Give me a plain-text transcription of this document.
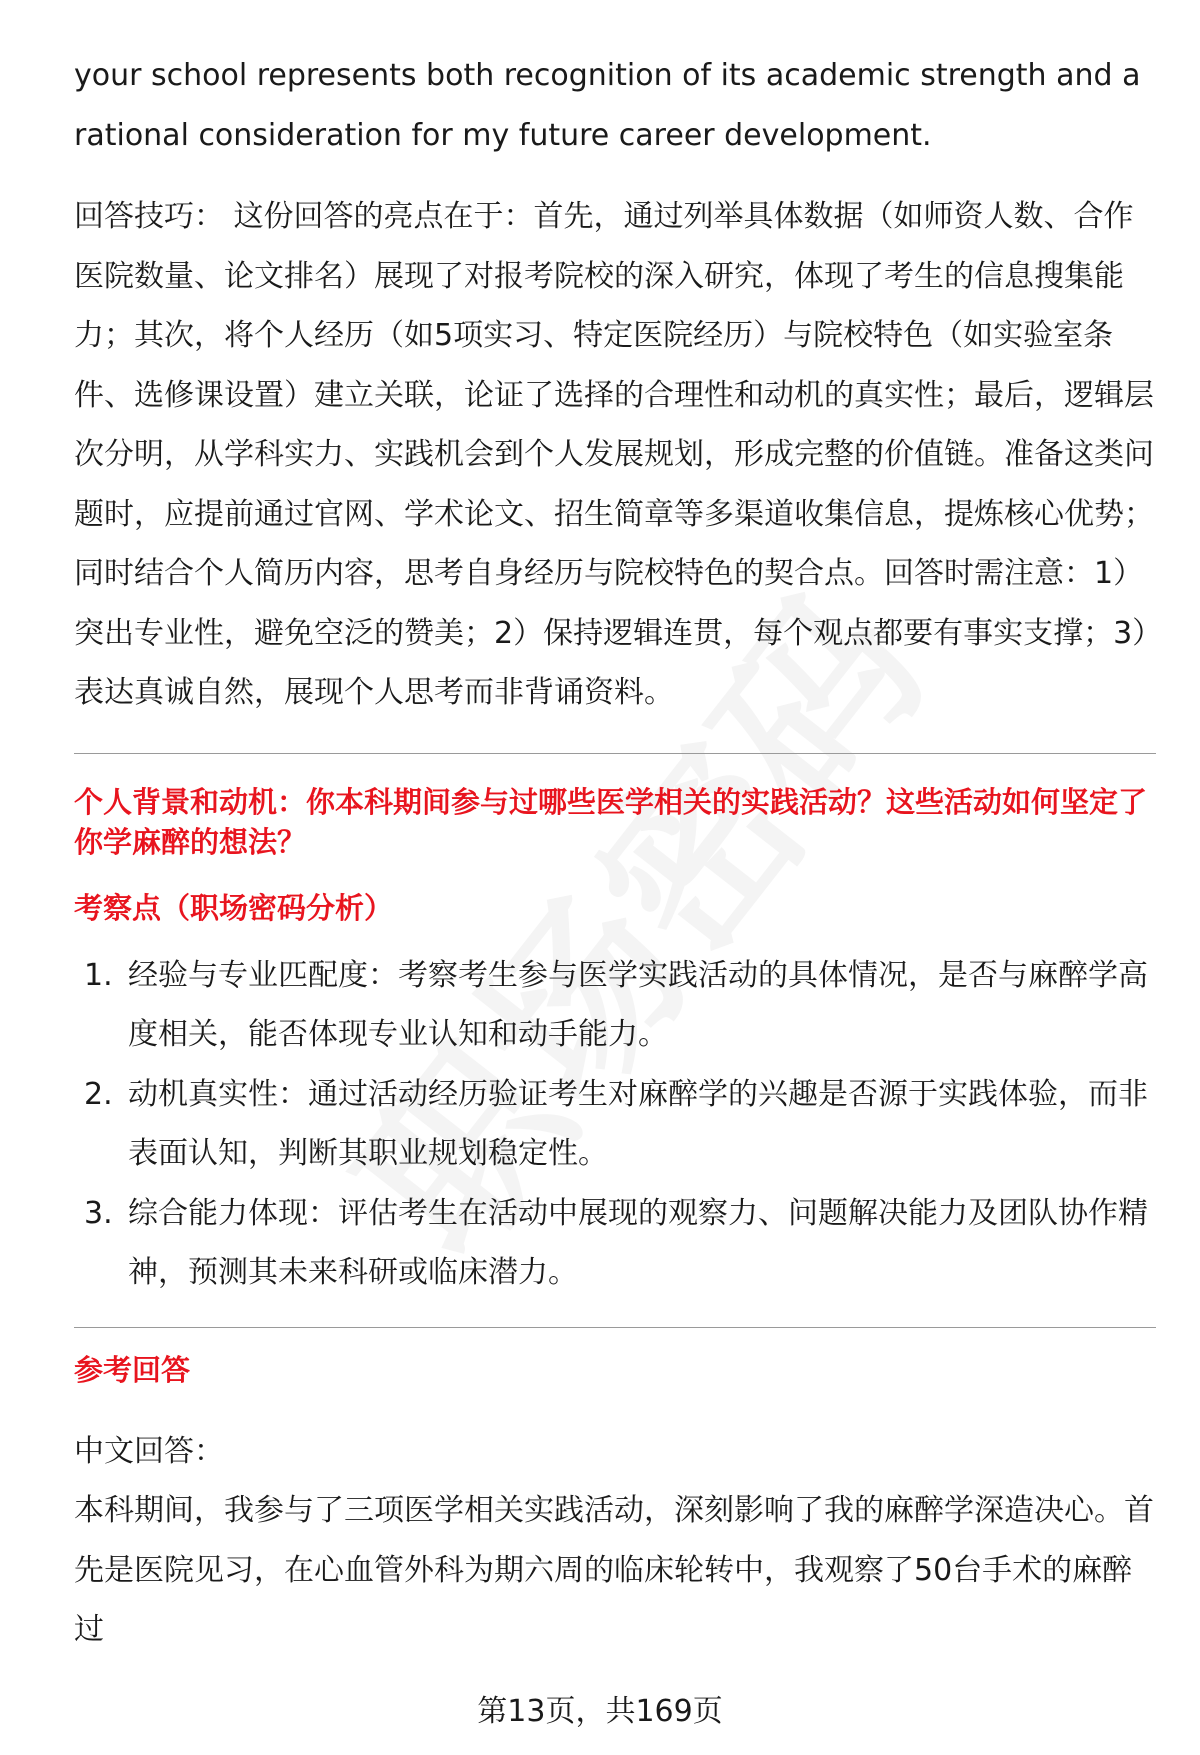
your school represents both recognition of its academic strength and a
rational consideration for my future career development.

回答技巧： 这份回答的亮点在于：首先，通过列举具体数据（如师资人数、合作医院数量、论文排名）展现了对报考院校的深入研究，体现了考生的信息搜集能力；其次，将个人经历（如5项实习、特定医院经历）与院校特色（如实验室条件、选修课设置）建立关联，论证了选择的合理性和动机的真实性；最后，逻辑层次分明，从学科实力、实践机会到个人发展规划，形成完整的价值链。准备这类问题时，应提前通过官网、学术论文、招生简章等多渠道收集信息，提炼核心优势；同时结合个人简历内容，思考自身经历与院校特色的契合点。回答时需注意：1）突出专业性，避免空泛的赞美；2）保持逻辑连贯，每个观点都要有事实支撑；3）表达真诚自然，展现个人思考而非背诵资料。

个人背景和动机：你本科期间参与过哪些医学相关的实践活动？这些活动如何坚定了你学麻醉的想法？

考察点（职场密码分析）

1. 经验与专业匹配度：考察考生参与医学实践活动的具体情况，是否与麻醉学高度相关，能否体现专业认知和动手能力。
2. 动机真实性：通过活动经历验证考生对麻醉学的兴趣是否源于实践体验，而非表面认知，判断其职业规划稳定性。
3. 综合能力体现：评估考生在活动中展现的观察力、问题解决能力及团队协作精神，预测其未来科研或临床潜力。

参考回答

中文回答：

本科期间，我参与了三项医学相关实践活动，深刻影响了我的麻醉学深造决心。首先是医院见习，在心血管外科为期六周的临床轮转中，我观察了50台手术的麻醉过

第13页，共169页
